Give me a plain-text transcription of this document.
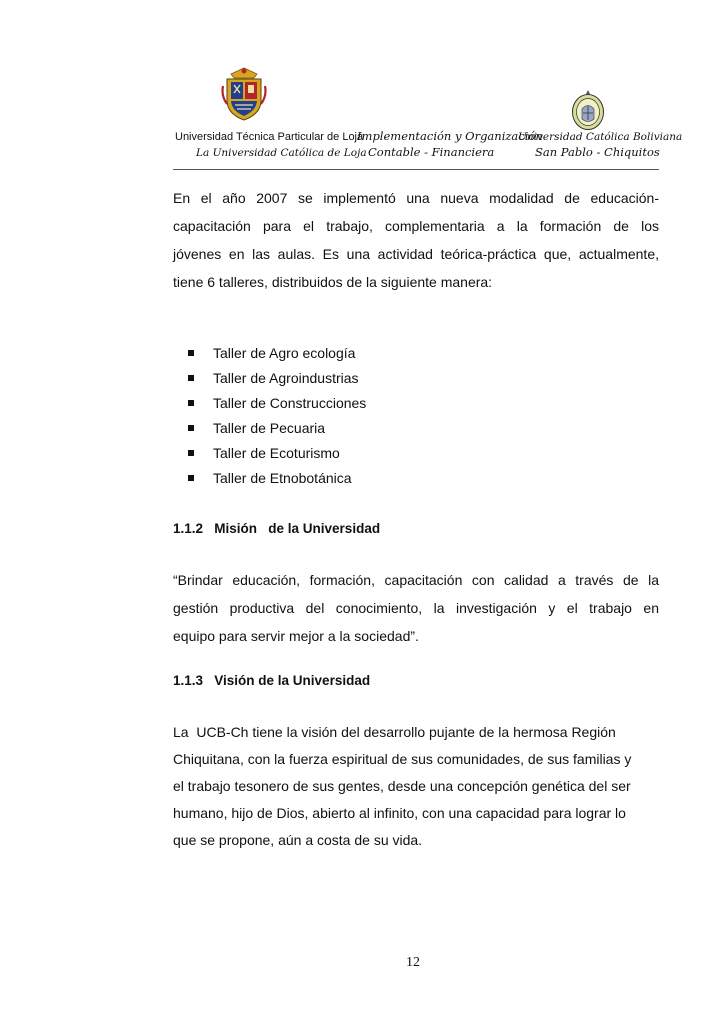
Universidad Técnica Particular de Loja
La Universidad Católica de Loja
Implementación y Organización
Contable - Financiera
Universidad Católica Boliviana
San Pablo - Chiquitos
En el año 2007 se implementó una nueva modalidad de educación-
capacitación para el trabajo, complementaria a la formación de los
jóvenes en las aulas. Es una actividad teórica-práctica que, actualmente,
tiene 6 talleres, distribuidos de la siguiente manera:
Taller de Agro ecología
Taller de Agroindustrias
Taller de Construcciones
Taller de Pecuaria
Taller de Ecoturismo
Taller de Etnobotánica
1.1.2   Misión   de la Universidad
“Brindar educación, formación, capacitación con calidad a través de la
gestión productiva del conocimiento, la investigación y el trabajo en
equipo para servir mejor a la sociedad”.
1.1.3   Visión de la Universidad
La  UCB-Ch tiene la visión del desarrollo pujante de la hermosa Región
Chiquitana, con la fuerza espiritual de sus comunidades, de sus familias y
el trabajo tesonero de sus gentes, desde una concepción genética del ser
humano, hijo de Dios, abierto al infinito, con una capacidad para lograr lo
que se propone, aún a costa de su vida.
12
